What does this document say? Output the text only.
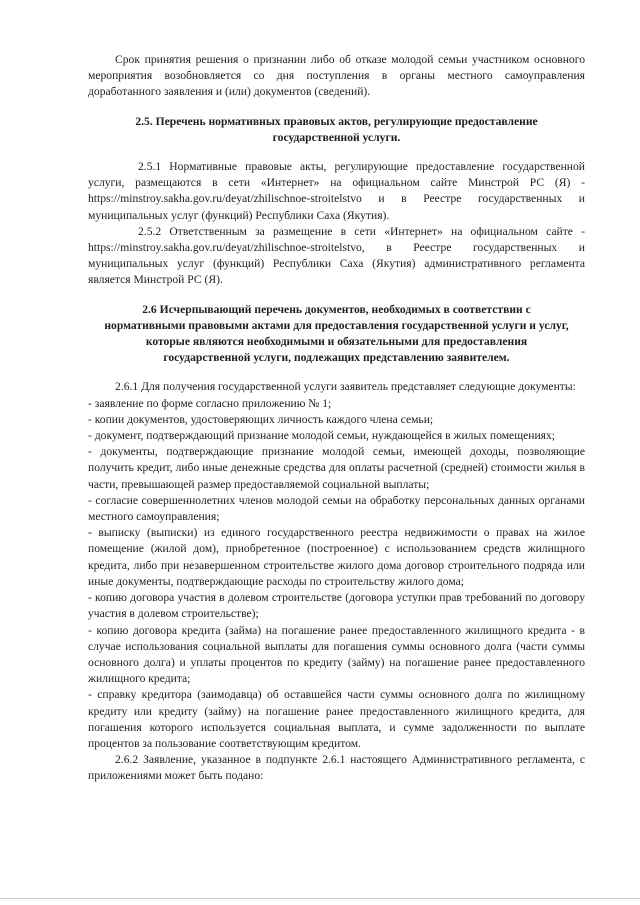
Срок принятия решения о признании либо об отказе молодой семьи участником основного мероприятия возобновляется со дня поступления в органы местного самоуправления доработанного заявления и (или) документов (сведений).

2.5. Перечень нормативных правовых актов, регулирующие предоставление государственной услуги.

2.5.1 Нормативные правовые акты, регулирующие предоставление государственной услуги, размещаются в сети «Интернет» на официальном сайте Минстрой РС (Я) - https://minstroy.sakha.gov.ru/deyat/zhilischnoe-stroitelstvo и в Реестре государственных и муниципальных услуг (функций) Республики Саха (Якутия).

2.5.2 Ответственным за размещение в сети «Интернет» на официальном сайте - https://minstroy.sakha.gov.ru/deyat/zhilischnoe-stroitelstvo, в Реестре государственных и муниципальных услуг (функций) Республики Саха (Якутия) административного регламента является Минстрой РС (Я).

2.6 Исчерпывающий перечень документов, необходимых в соответствии с нормативными правовыми актами для предоставления государственной услуги и услуг, которые являются необходимыми и обязательными для предоставления государственной услуги, подлежащих представлению заявителем.

2.6.1 Для получения государственной услуги заявитель представляет следующие документы:

- заявление по форме согласно приложению № 1;

- копии документов, удостоверяющих личность каждого члена семьи;

- документ, подтверждающий признание молодой семьи, нуждающейся в жилых помещениях;

- документы, подтверждающие признание молодой семьи, имеющей доходы, позволяющие получить кредит, либо иные денежные средства для оплаты расчетной (средней) стоимости жилья в части, превышающей размер предоставляемой социальной выплаты;

- согласие совершеннолетних членов молодой семьи на обработку персональных данных органами местного самоуправления;

- выписку (выписки) из единого государственного реестра недвижимости о правах на жилое помещение (жилой дом), приобретенное (построенное) с использованием средств жилищного кредита, либо при незавершенном строительстве жилого дома договор строительного подряда или иные документы, подтверждающие расходы по строительству жилого дома;

- копию договора участия в долевом строительстве (договора уступки прав требований по договору участия в долевом строительстве);

- копию договора кредита (займа) на погашение ранее предоставленного жилищного кредита - в случае использования социальной выплаты для погашения суммы основного долга (части суммы основного долга) и уплаты процентов по кредиту (займу) на погашение ранее предоставленного жилищного кредита;

- справку кредитора (заимодавца) об оставшейся части суммы основного долга по жилищному кредиту или кредиту (займу) на погашение ранее предоставленного жилищного кредита, для погашения которого используется социальная выплата, и сумме задолженности по выплате процентов за пользование соответствующим кредитом.

2.6.2 Заявление, указанное в подпункте 2.6.1 настоящего Административного регламента, с приложениями может быть подано:
